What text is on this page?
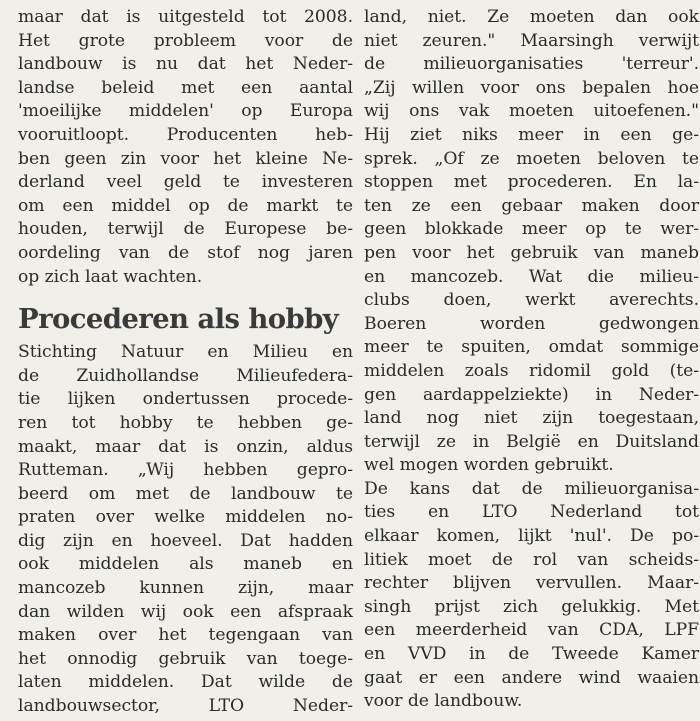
maar dat is uitgesteld tot 2008.
Het grote probleem voor de
landbouw is nu dat het Neder-
landse beleid met een aantal
'moeilijke middelen' op Europa
vooruitloopt. Producenten heb-
ben geen zin voor het kleine Ne-
derland veel geld te investeren
om een middel op de markt te
houden, terwijl de Europese be-
oordeling van de stof nog jaren
op zich laat wachten.
Procederen als hobby
Stichting Natuur en Milieu en
de Zuidhollandse Milieufedera-
tie lijken ondertussen procede-
ren tot hobby te hebben ge-
maakt, maar dat is onzin, aldus
Rutteman. „Wij hebben gepro-
beerd om met de landbouw te
praten over welke middelen no-
dig zijn en hoeveel. Dat hadden
ook middelen als maneb en
mancozeb kunnen zijn, maar
dan wilden wij ook een afspraak
maken over het tegengaan van
het onnodig gebruik van toege-
laten middelen. Dat wilde de
landbouwsector, LTO Neder-
land, niet. Ze moeten dan ook
niet zeuren." Maarsingh verwijt
de milieuorganisaties 'terreur'.
„Zij willen voor ons bepalen hoe
wij ons vak moeten uitoefenen."
Hij ziet niks meer in een ge-
sprek. „Of ze moeten beloven te
stoppen met procederen. En la-
ten ze een gebaar maken door
geen blokkade meer op te wer-
pen voor het gebruik van maneb
en mancozeb. Wat die milieu-
clubs doen, werkt averechts.
Boeren worden gedwongen
meer te spuiten, omdat sommige
middelen zoals ridomil gold (te-
gen aardappelziekte) in Neder-
land nog niet zijn toegestaan,
terwijl ze in België en Duitsland
wel mogen worden gebruikt.
De kans dat de milieuorganisa-
ties en LTO Nederland tot
elkaar komen, lijkt 'nul'. De po-
litiek moet de rol van scheids-
rechter blijven vervullen. Maar-
singh prijst zich gelukkig. Met
een meerderheid van CDA, LPF
en VVD in de Tweede Kamer
gaat er een andere wind waaien
voor de landbouw.
